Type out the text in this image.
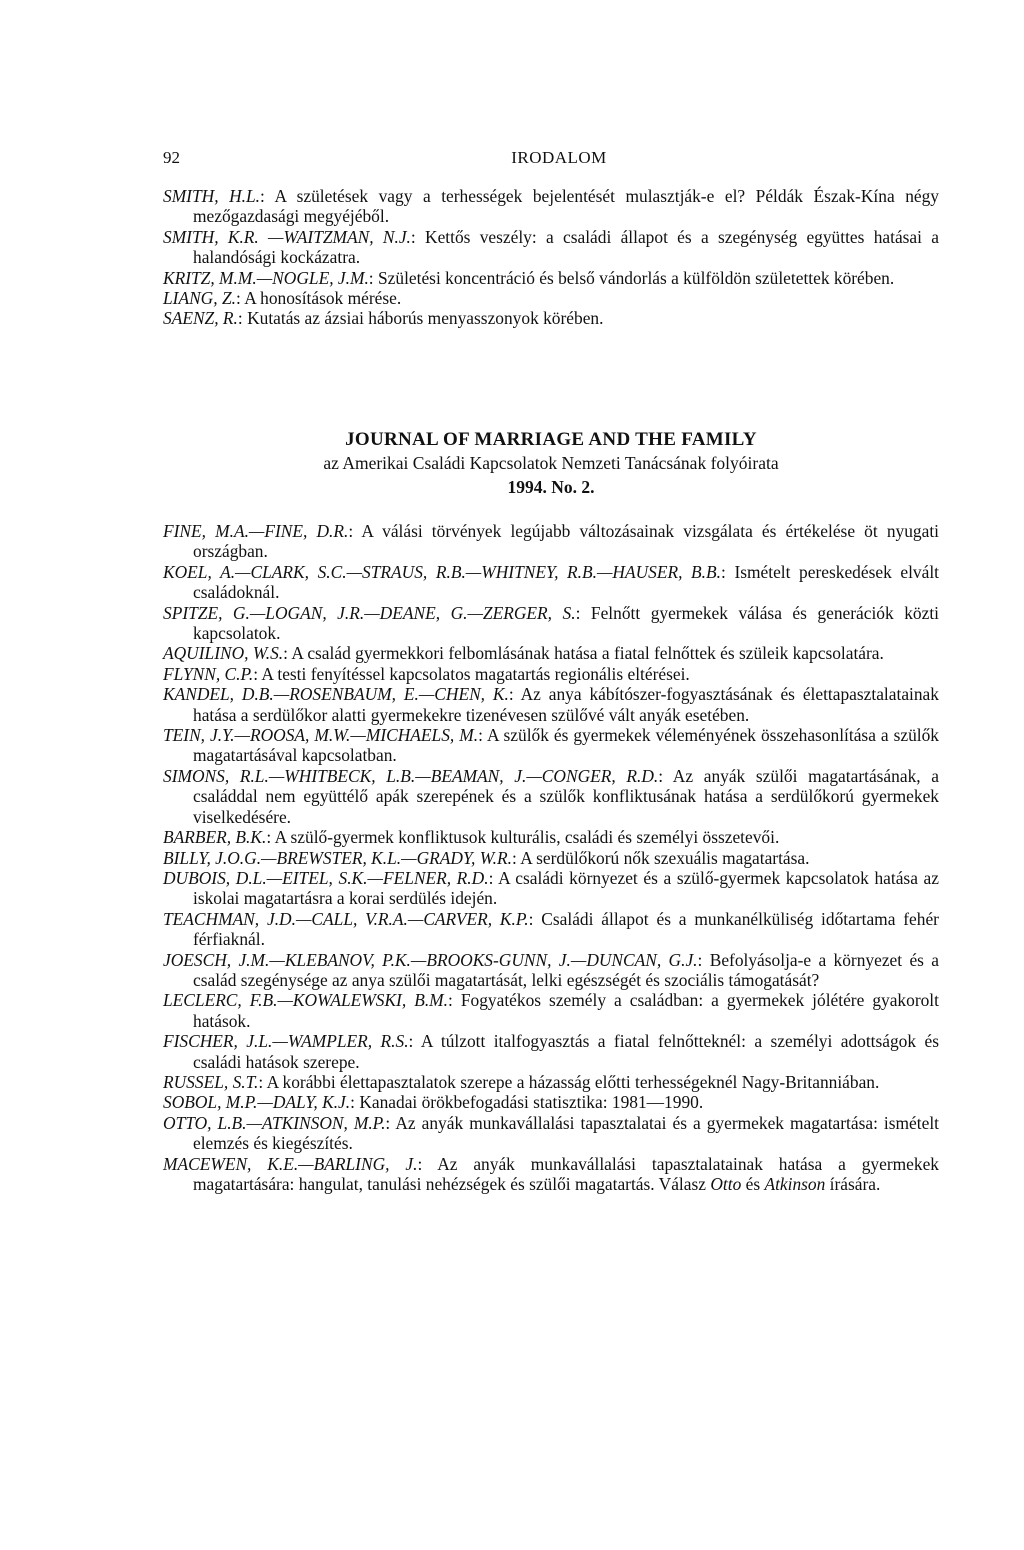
92	IRODALOM
SMITH, H.L.: A születések vagy a terhességek bejelentését mulasztják-e el? Példák Észak-Kína négy mezőgazdasági megyéjéből.
SMITH, K.R. —WAITZMAN, N.J.: Kettős veszély: a családi állapot és a szegénység együttes hatásai a halandósági kockázatra.
KRITZ, M.M.—NOGLE, J.M.: Születési koncentráció és belső vándorlás a külföldön születettek körében.
LIANG, Z.: A honosítások mérése.
SAENZ, R.: Kutatás az ázsiai háborús menyasszonyok körében.
JOURNAL OF MARRIAGE AND THE FAMILY
az Amerikai Családi Kapcsolatok Nemzeti Tanácsának folyóirata
1994. No. 2.
FINE, M.A.—FINE, D.R.: A válási törvények legújabb változásainak vizsgálata és értékelése öt nyugati országban.
KOEL, A.—CLARK, S.C.—STRAUS, R.B.—WHITNEY, R.B.—HAUSER, B.B.: Ismételt pereskedések elvált családoknál.
SPITZE, G.—LOGAN, J.R.—DEANE, G.—ZERGER, S.: Felnőtt gyermekek válása és generációk közti kapcsolatok.
AQUILINO, W.S.: A család gyermekkori felbomlásának hatása a fiatal felnőttek és szüleik kapcsolatára.
FLYNN, C.P.: A testi fenyítéssel kapcsolatos magatartás regionális eltérései.
KANDEL, D.B.—ROSENBAUM, E.—CHEN, K.: Az anya kábítószer-fogyasztásának és élettapasztalatainak hatása a serdülőkor alatti gyermekekre tizenévesen szülővé vált anyák esetében.
TEIN, J.Y.—ROOSA, M.W.—MICHAELS, M.: A szülők és gyermekek véleményének összehasonlítása a szülők magatartásával kapcsolatban.
SIMONS, R.L.—WHITBECK, L.B.—BEAMAN, J.—CONGER, R.D.: Az anyák szülői magatartásának, a családdal nem együttélő apák szerepének és a szülők konfliktusának hatása a serdülőkorú gyermekek viselkedésére.
BARBER, B.K.: A szülő-gyermek konfliktusok kulturális, családi és személyi összetevői.
BILLY, J.O.G.—BREWSTER, K.L.—GRADY, W.R.: A serdülőkorú nők szexuális magatartása.
DUBOIS, D.L.—EITEL, S.K.—FELNER, R.D.: A családi környezet és a szülő-gyermek kapcsolatok hatása az iskolai magatartásra a korai serdülés idején.
TEACHMAN, J.D.—CALL, V.R.A.—CARVER, K.P.: Családi állapot és a munkanélküliség időtartama fehér férfiaknál.
JOESCH, J.M.—KLEBANOV, P.K.—BROOKS-GUNN, J.—DUNCAN, G.J.: Befolyásolja-e a környezet és a család szegénysége az anya szülői magatartását, lelki egészségét és szociális támogatását?
LECLERC, F.B.—KOWALEWSKI, B.M.: Fogyatékos személy a családban: a gyermekek jólétére gyakorolt hatások.
FISCHER, J.L.—WAMPLER, R.S.: A túlzott italfogyasztás a fiatal felnőtteknél: a személyi adottságok és családi hatások szerepe.
RUSSEL, S.T.: A korábbi élettapasztalatok szerepe a házasság előtti terhességeknél Nagy-Britanniában.
SOBOL, M.P.—DALY, K.J.: Kanadai örökbefogadási statisztika: 1981—1990.
OTTO, L.B.—ATKINSON, M.P.: Az anyák munkavállalási tapasztalatai és a gyermekek magatartása: ismételt elemzés és kiegészítés.
MACEWEN, K.E.—BARLING, J.: Az anyák munkavállalási tapasztalatainak hatása a gyermekek magatartására: hangulat, tanulási nehézségek és szülői magatartás. Válasz Otto és Atkinson írására.
